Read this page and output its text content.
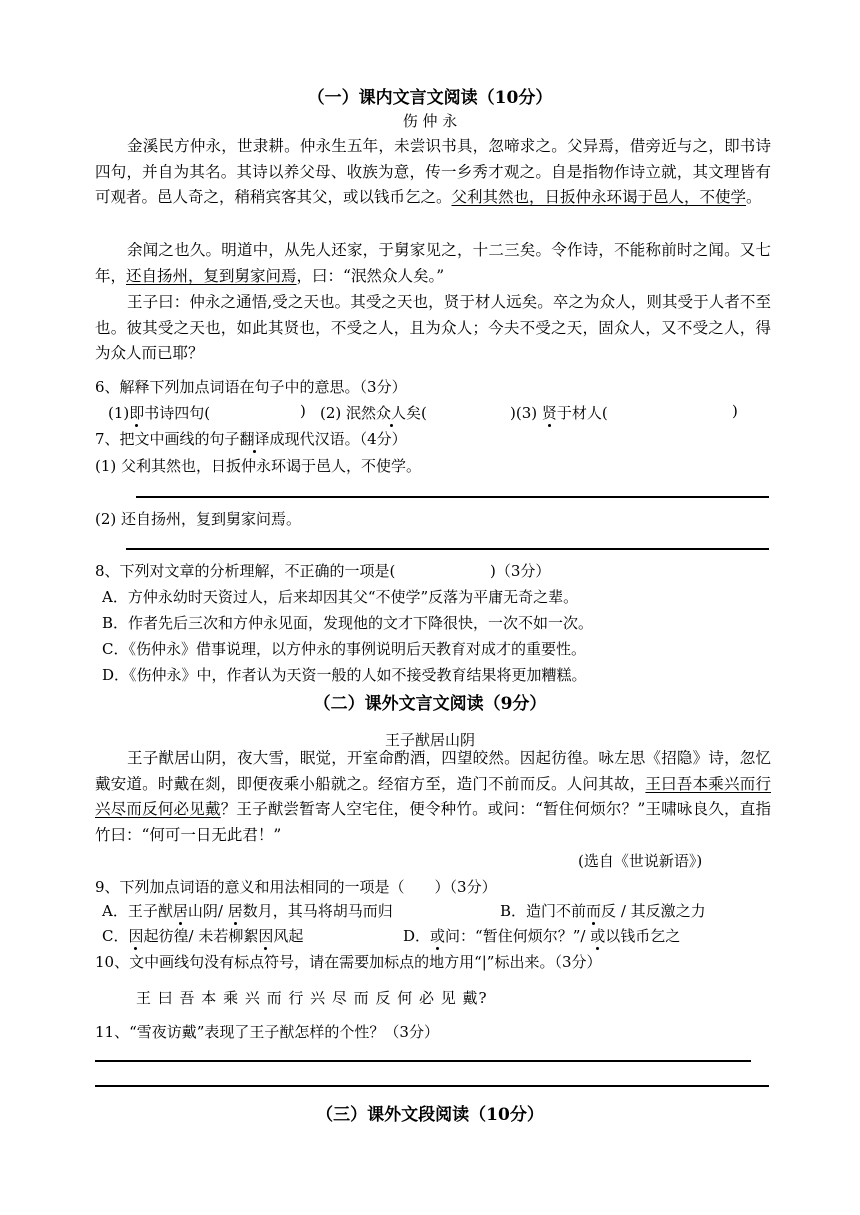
（一）课内文言文阅读（10分）
伤 仲 永
金溪民方仲永，世隶耕。仲永生五年，未尝识书具，忽啼求之。父异焉，借旁近与之，即书诗四句，并自为其名。其诗以养父母、收族为意，传一乡秀才观之。自是指物作诗立就，其文理皆有可观者。邑人奇之，稍稍宾客其父，或以钱币乞之。父利其然也，日扳仲永环谒于邑人，不使学。
余闻之也久。明道中，从先人还家，于舅家见之，十二三矣。令作诗，不能称前时之闻。又七年，还自扬州，复到舅家问焉，曰：“泯然众人矣。”
王子曰：仲永之通悟,受之天也。其受之天也，贤于材人远矣。卒之为众人，则其受于人者不至也。彼其受之天也，如此其贤也，不受之人，且为众人；今夫不受之天，固众人，又不受之人，得为众人而已耶？
6、解释下列加点词语在句子中的意思。（3分）
(1)即书诗四句(	) (2) 泯然众人矣(	)(3) 贤于材人(	)
7、把文中画线的句子翻译成现代汉语。（4分）
(1) 父利其然也，日扳仲永环谒于邑人，不使学。
(2) 还自扬州，复到舅家问焉。
8、下列对文章的分析理解，不正确的一项是(	)（3分）
A．方仲永幼时天资过人，后来却因其父“不使学”反落为平庸无奇之辈。
B．作者先后三次和方仲永见面，发现他的文才下降很快，一次不如一次。
C．《伤仲永》借事说理，以方仲永的事例说明后天教育对成才的重要性。
D．《伤仲永》中，作者认为天资一般的人如不接受教育结果将更加糟糕。
（二）课外文言文阅读（9分）
王子猷居山阴
王子猷居山阴，夜大雪，眠觉，开室命酌酒，四望皎然。因起彷徨。咏左思《招隐》诗，忽忆戴安道。时戴在剡，即便夜乘小船就之。经宿方至，造门不前而反。人问其故，王曰吾本乘兴而行兴尽而反何必见戴？王子猷尝暂寄人空宅住，便令种竹。或问：“暂住何烦尔？”王啸咏良久，直指竹曰：“何可一日无此君！”
(选自《世说新语》)
9、下列加点词语的意义和用法相同的一项是（　　）（3分）
A．王子猷居山阴/ 居数月，其马将胡马而归	B．造门不前而反 / 其反激之力
C．因起彷徨/ 未若柳絮因风起	D．或问：“暂住何烦尔？”/ 或以钱币乞之
10、文中画线句没有标点符号，请在需要加标点的地方用“|”标出来。（3分）
王 曰 吾 本 乘 兴 而 行 兴 尽 而 反 何 必 见 戴?
11、“雪夜访戴”表现了王子猷怎样的个性？（3分）
（三）课外文段阅读（10分）
